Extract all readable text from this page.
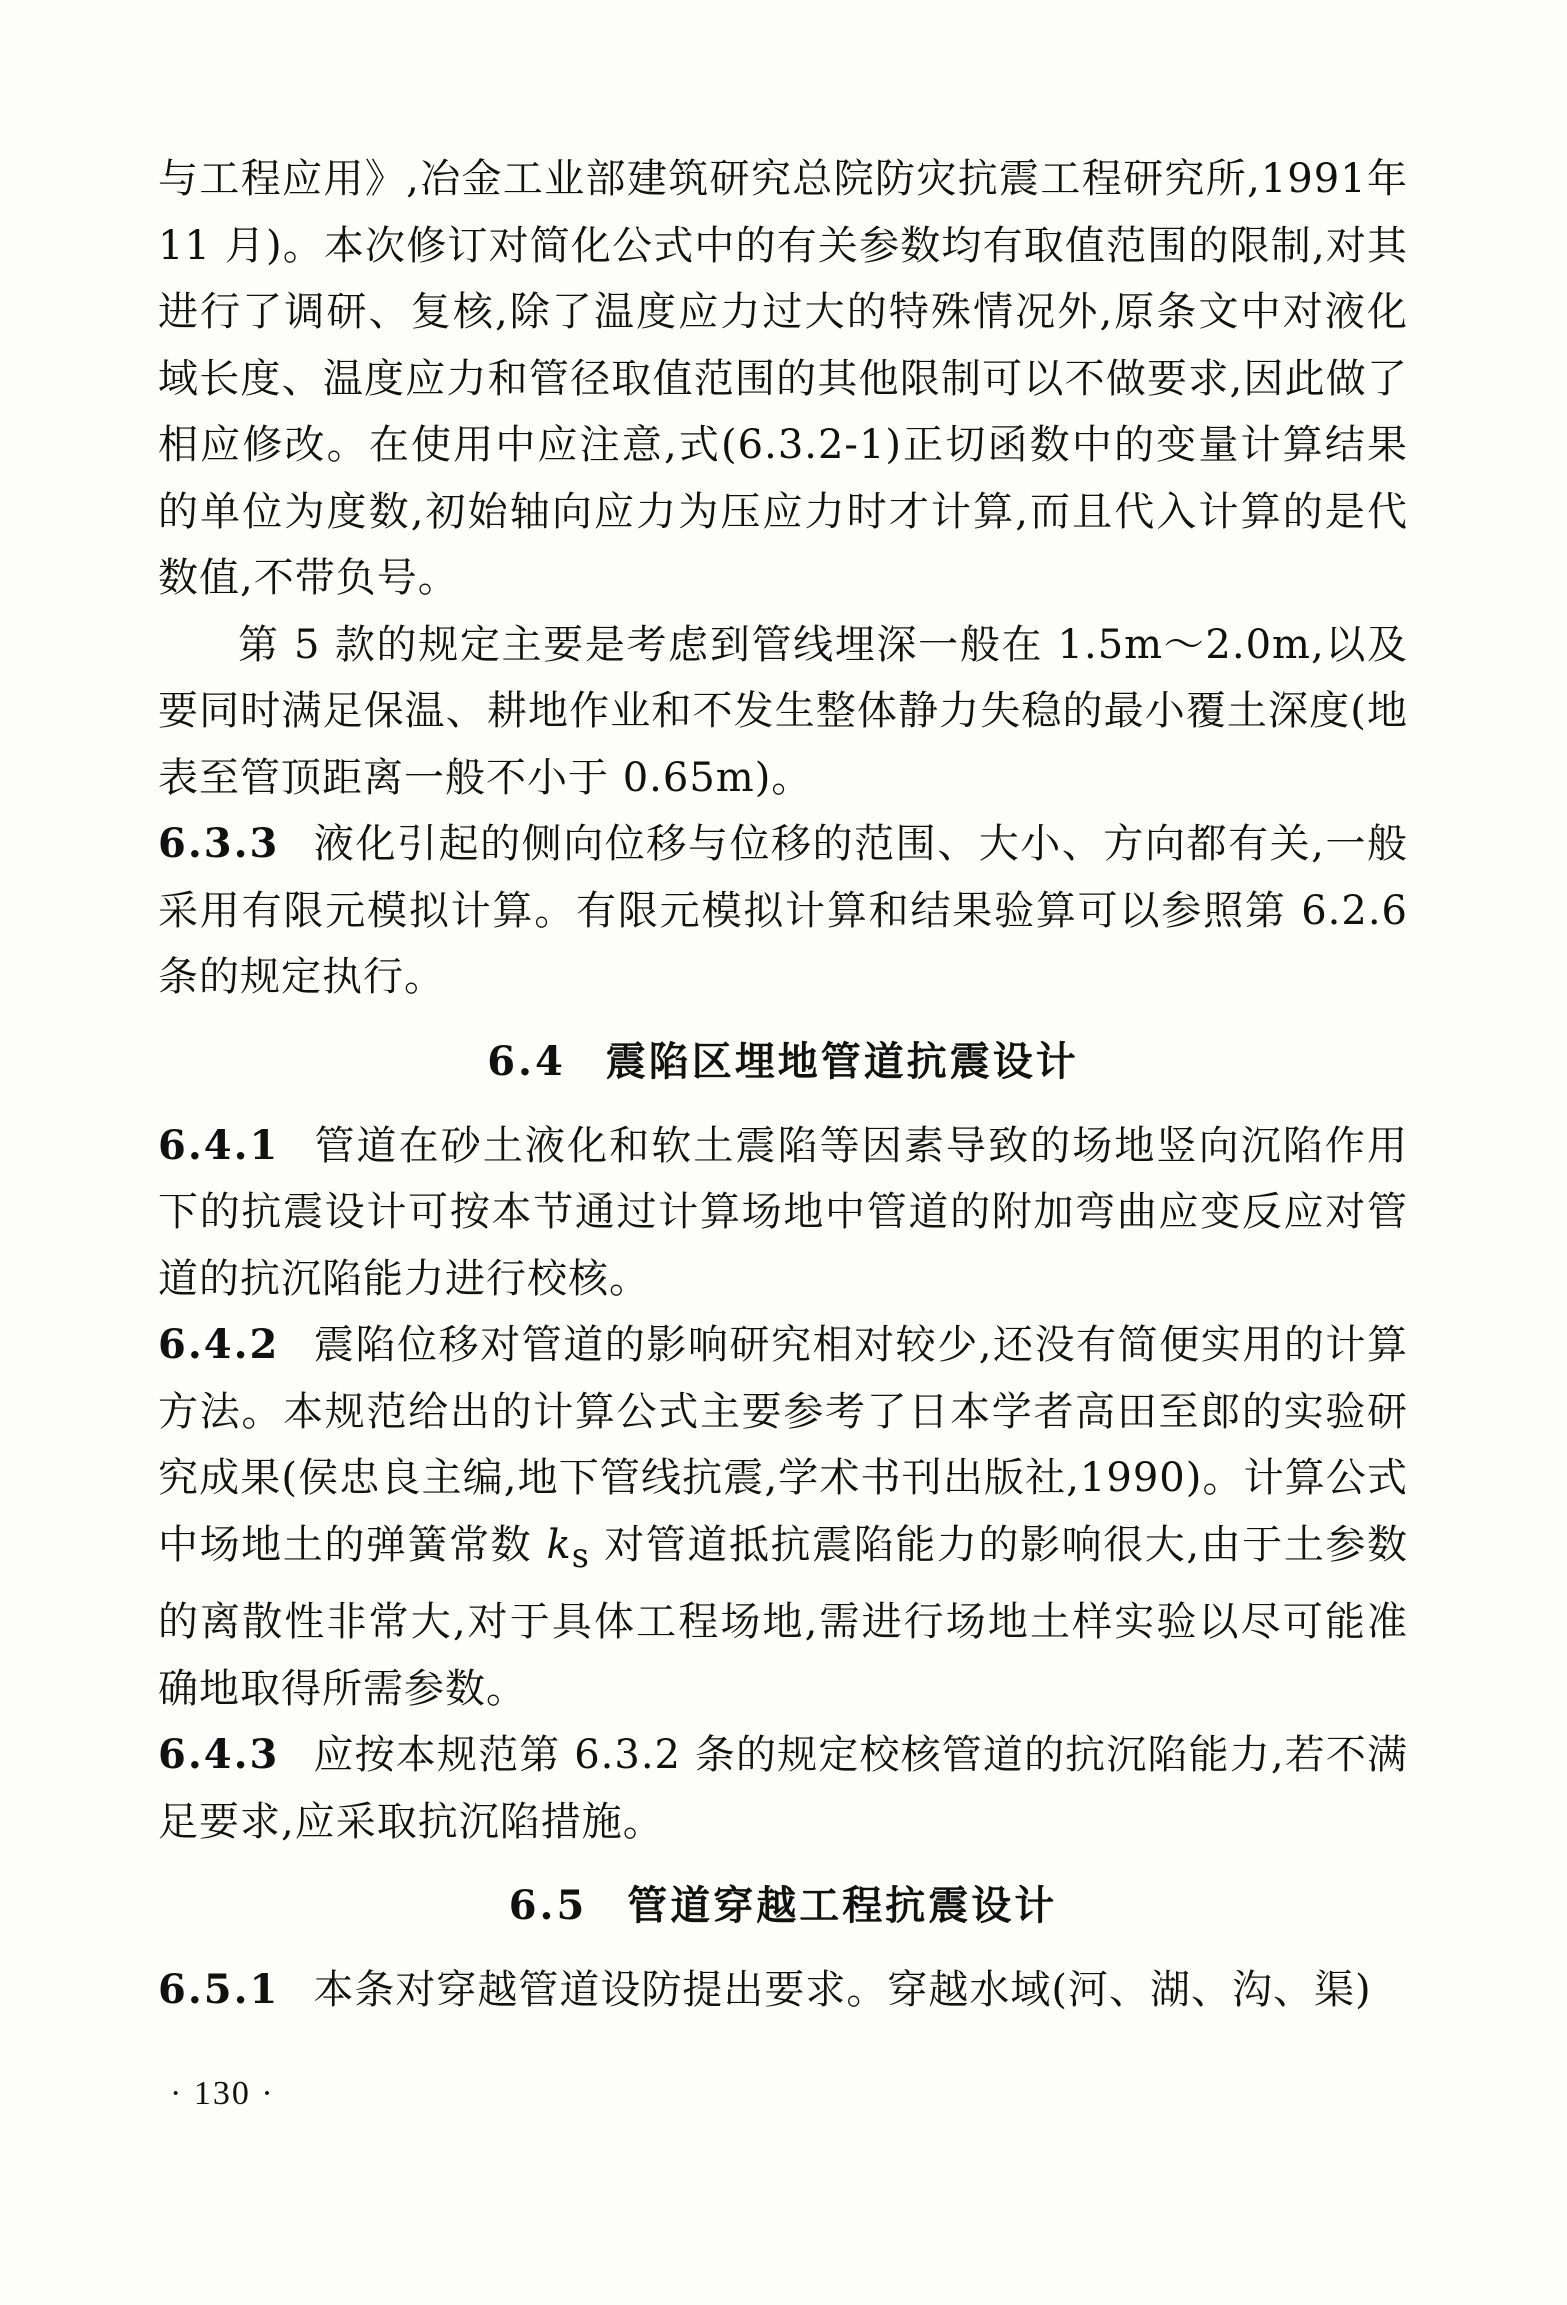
与工程应用》,冶金工业部建筑研究总院防灾抗震工程研究所,1991年 11 月)。本次修订对简化公式中的有关参数均有取值范围的限制,对其进行了调研、复核,除了温度应力过大的特殊情况外,原条文中对液化域长度、温度应力和管径取值范围的其他限制可以不做要求,因此做了相应修改。在使用中应注意,式(6.3.2-1)正切函数中的变量计算结果的单位为度数,初始轴向应力为压应力时才计算,而且代入计算的是代数值,不带负号。

第 5 款的规定主要是考虑到管线埋深一般在 1.5m～2.0m,以及要同时满足保温、耕地作业和不发生整体静力失稳的最小覆土深度(地表至管顶距离一般不小于 0.65m)。

6.3.3 液化引起的侧向位移与位移的范围、大小、方向都有关,一般采用有限元模拟计算。有限元模拟计算和结果验算可以参照第 6.2.6 条的规定执行。

6.4 震陷区埋地管道抗震设计

6.4.1 管道在砂土液化和软土震陷等因素导致的场地竖向沉陷作用下的抗震设计可按本节通过计算场地中管道的附加弯曲应变反应对管道的抗沉陷能力进行校核。

6.4.2 震陷位移对管道的影响研究相对较少,还没有简便实用的计算方法。本规范给出的计算公式主要参考了日本学者高田至郎的实验研究成果(侯忠良主编,地下管线抗震,学术书刊出版社,1990)。计算公式中场地土的弹簧常数 $k_s$ 对管道抵抗震陷能力的影响很大,由于土参数的离散性非常大,对于具体工程场地,需进行场地土样实验以尽可能准确地取得所需参数。

6.4.3 应按本规范第 6.3.2 条的规定校核管道的抗沉陷能力,若不满足要求,应采取抗沉陷措施。

6.5 管道穿越工程抗震设计

6.5.1 本条对穿越管道设防提出要求。穿越水域(河、湖、沟、渠)

· 130 ·
